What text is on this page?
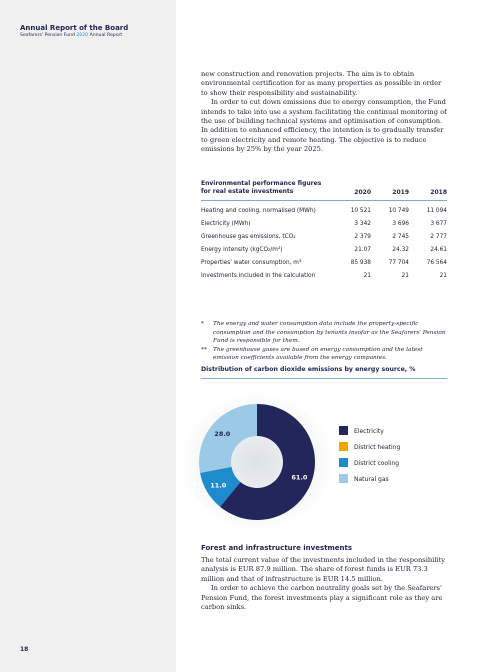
Annual Report of the Board
Seafarers' Pension Fund 2020 Annual Report

new construction and renovation projects. The aim is to obtain environmental certification for as many properties as possible in order to show their responsibility and sustainability.

In order to cut down emissions due to energy consumption, the Fund intends to take into use a system facilitating the continual monitoring of the use of building technical systems and optimisation of consumption. In addition to enhanced efficiency, the intention is to gradually transfer to green electricity and remote heating. The objective is to reduce emissions by 25% by the year 2025.

Environmental performance figures
for real estate investments	2020	2019	2018
Heating and cooling, normalised (MWh)	10 521	10 749	11 094
Electricity (MWh)	3 342	3 696	3 677
Greenhouse gas emissions, tCO₂	2 379	2 745	2 777
Energy intensity (kgCO₂/m²)	21.07	24.32	24.61
Properties' water consumption, m³	85 938	77 704	76 564
Investments included in the calculation	21	21	21

* The energy and water consumption data include the property-specific consumption and the consumption by tenants insofar as the Seafarers' Pension Fund is responsible for them.

** The greenhouse gases are based on energy consumption and the latest emission coefficients available from the energy companies.

Distribution of carbon dioxide emissions by energy source, %
61.0
11.0
28.0	Electricity
District heating
District cooling
Natural gas
Forest and infrastructure investments

The total current value of the investments included in the responsibility analysis is EUR 87.9 million. The share of forest funds is EUR 73.3 million and that of infrastructure is EUR 14.5 million.

In order to achieve the carbon neutrality goals set by the Seafarers' Pension Fund, the forest investments play a significant role as they are carbon sinks.

18
